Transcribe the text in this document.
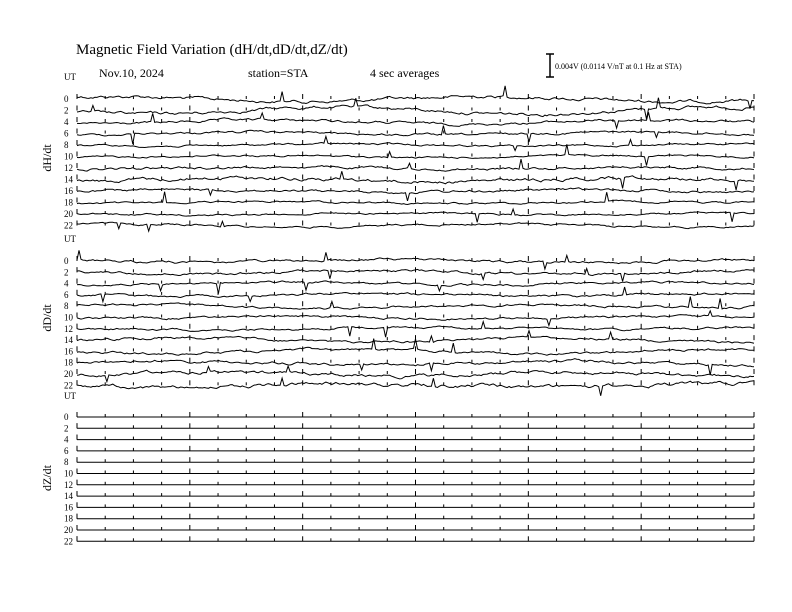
Magnetic Field Variation (dH/dt,dD/dt,dZ/dt)
Nov.10, 2024	station=STA	4 sec averages	0.004V (0.0114 V/nT at 0.1 Hz at STA)
UT
dH/dt
0
2
4
6
8
10
12
14
16
18
20
22
UT
dD/dt
0
2
4
6
8
10
12
14
16
18
20
22
UT
dZ/dt
0
2
4
6
8
10
12
14
16
18
20
22
